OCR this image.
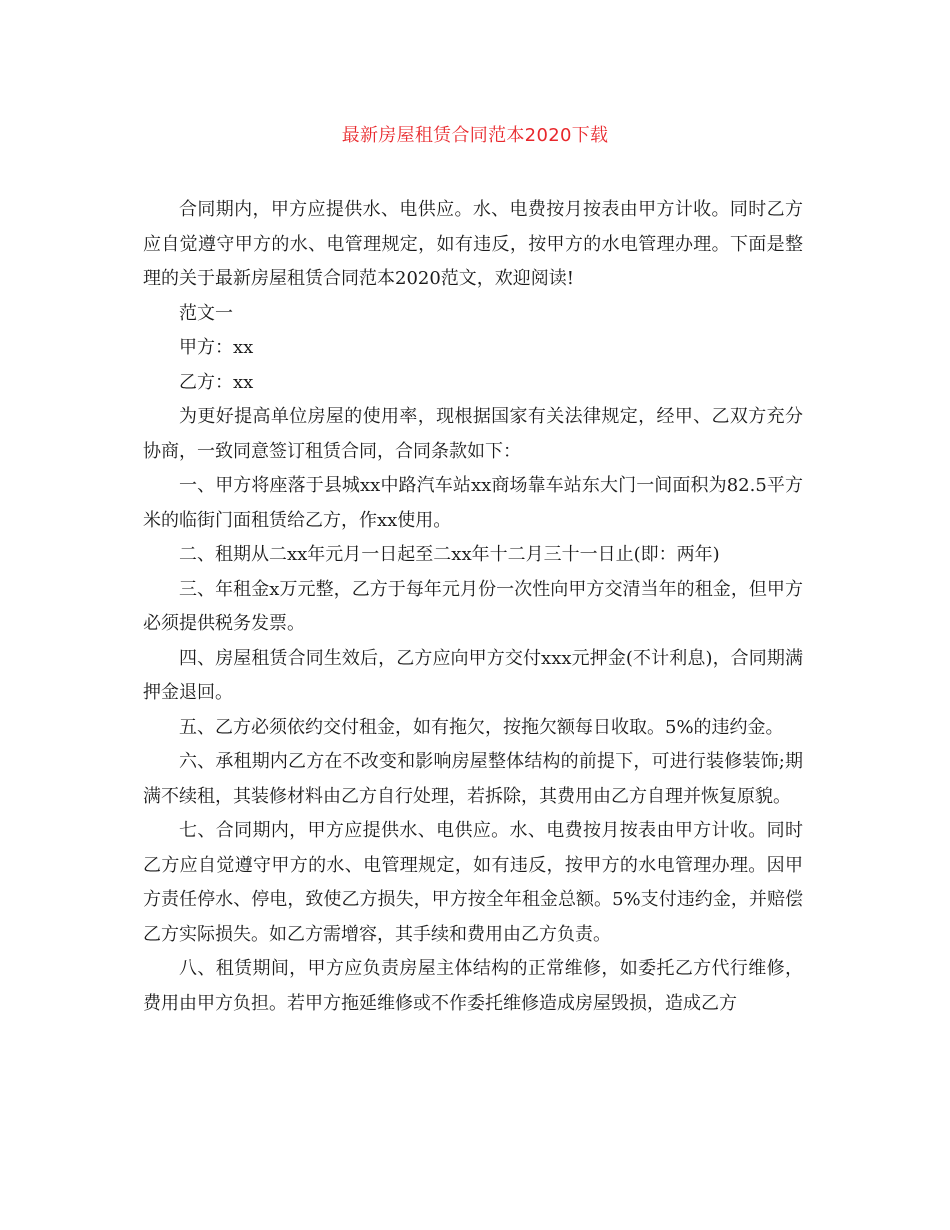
最新房屋租赁合同范本2020下载

合同期内，甲方应提供水、电供应。水、电费按月按表由甲方计收。同时乙方应自觉遵守甲方的水、电管理规定，如有违反，按甲方的水电管理办理。下面是整理的关于最新房屋租赁合同范本2020范文，欢迎阅读!

范文一

甲方：xx

乙方：xx

为更好提高单位房屋的使用率，现根据国家有关法律规定，经甲、乙双方充分协商，一致同意签订租赁合同，合同条款如下：

一、甲方将座落于县城xx中路汽车站xx商场靠车站东大门一间面积为82.5平方米的临街门面租赁给乙方，作xx使用。

二、租期从二xx年元月一日起至二xx年十二月三十一日止(即：两年)

三、年租金x万元整，乙方于每年元月份一次性向甲方交清当年的租金，但甲方必须提供税务发票。

四、房屋租赁合同生效后，乙方应向甲方交付xxx元押金(不计利息)，合同期满押金退回。

五、乙方必须依约交付租金，如有拖欠，按拖欠额每日收取。5%的违约金。

六、承租期内乙方在不改变和影响房屋整体结构的前提下，可进行装修装饰;期满不续租，其装修材料由乙方自行处理，若拆除，其费用由乙方自理并恢复原貌。

七、合同期内，甲方应提供水、电供应。水、电费按月按表由甲方计收。同时乙方应自觉遵守甲方的水、电管理规定，如有违反，按甲方的水电管理办理。因甲方责任停水、停电，致使乙方损失，甲方按全年租金总额。5%支付违约金，并赔偿乙方实际损失。如乙方需增容，其手续和费用由乙方负责。

八、租赁期间，甲方应负责房屋主体结构的正常维修，如委托乙方代行维修，费用由甲方负担。若甲方拖延维修或不作委托维修造成房屋毁损，造成乙方
